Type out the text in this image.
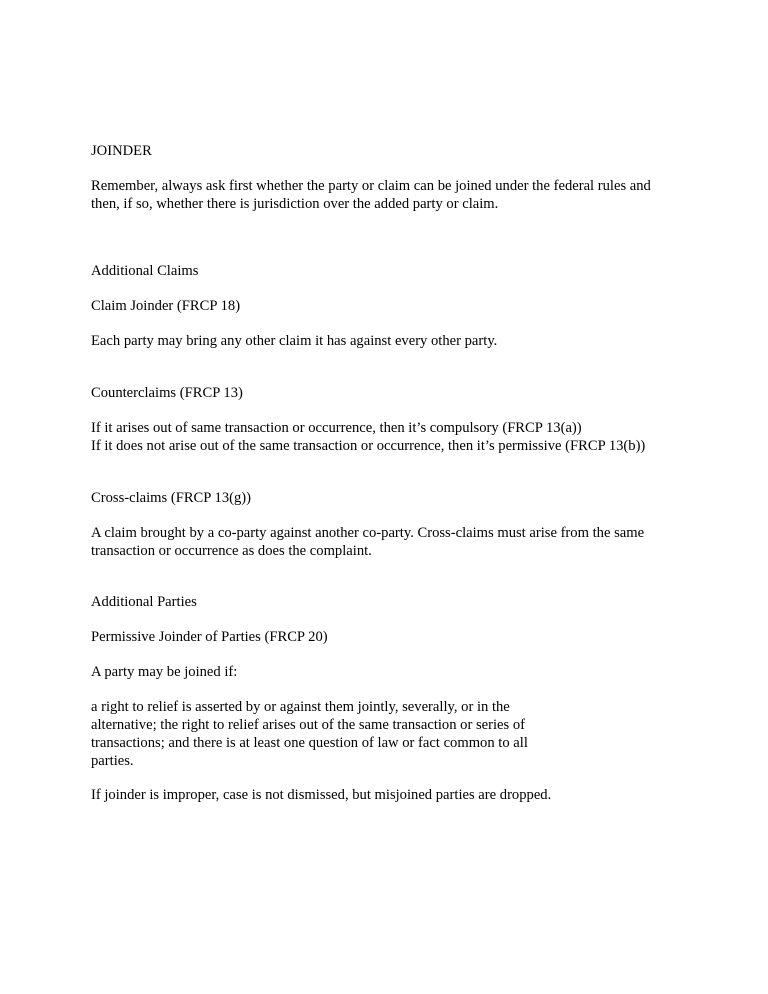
JOINDER

Remember, always ask first whether the party or claim can be joined under the federal rules and then, if so, whether there is jurisdiction over the added party or claim.

Additional Claims

Claim Joinder (FRCP 18)

Each party may bring any other claim it has against every other party.

Counterclaims (FRCP 13)

If it arises out of same transaction or occurrence, then it’s compulsory (FRCP 13(a))

If it does not arise out of the same transaction or occurrence, then it’s permissive (FRCP 13(b))

Cross-claims (FRCP 13(g))

A claim brought by a co-party against another co-party. Cross-claims must arise from the same transaction or occurrence as does the complaint.

Additional Parties

Permissive Joinder of Parties (FRCP 20)

A party may be joined if:

a right to relief is asserted by or against them jointly, severally, or in the alternative; the right to relief arises out of the same transaction or series of transactions; and there is at least one question of law or fact common to all parties.

If joinder is improper, case is not dismissed, but misjoined parties are dropped.
